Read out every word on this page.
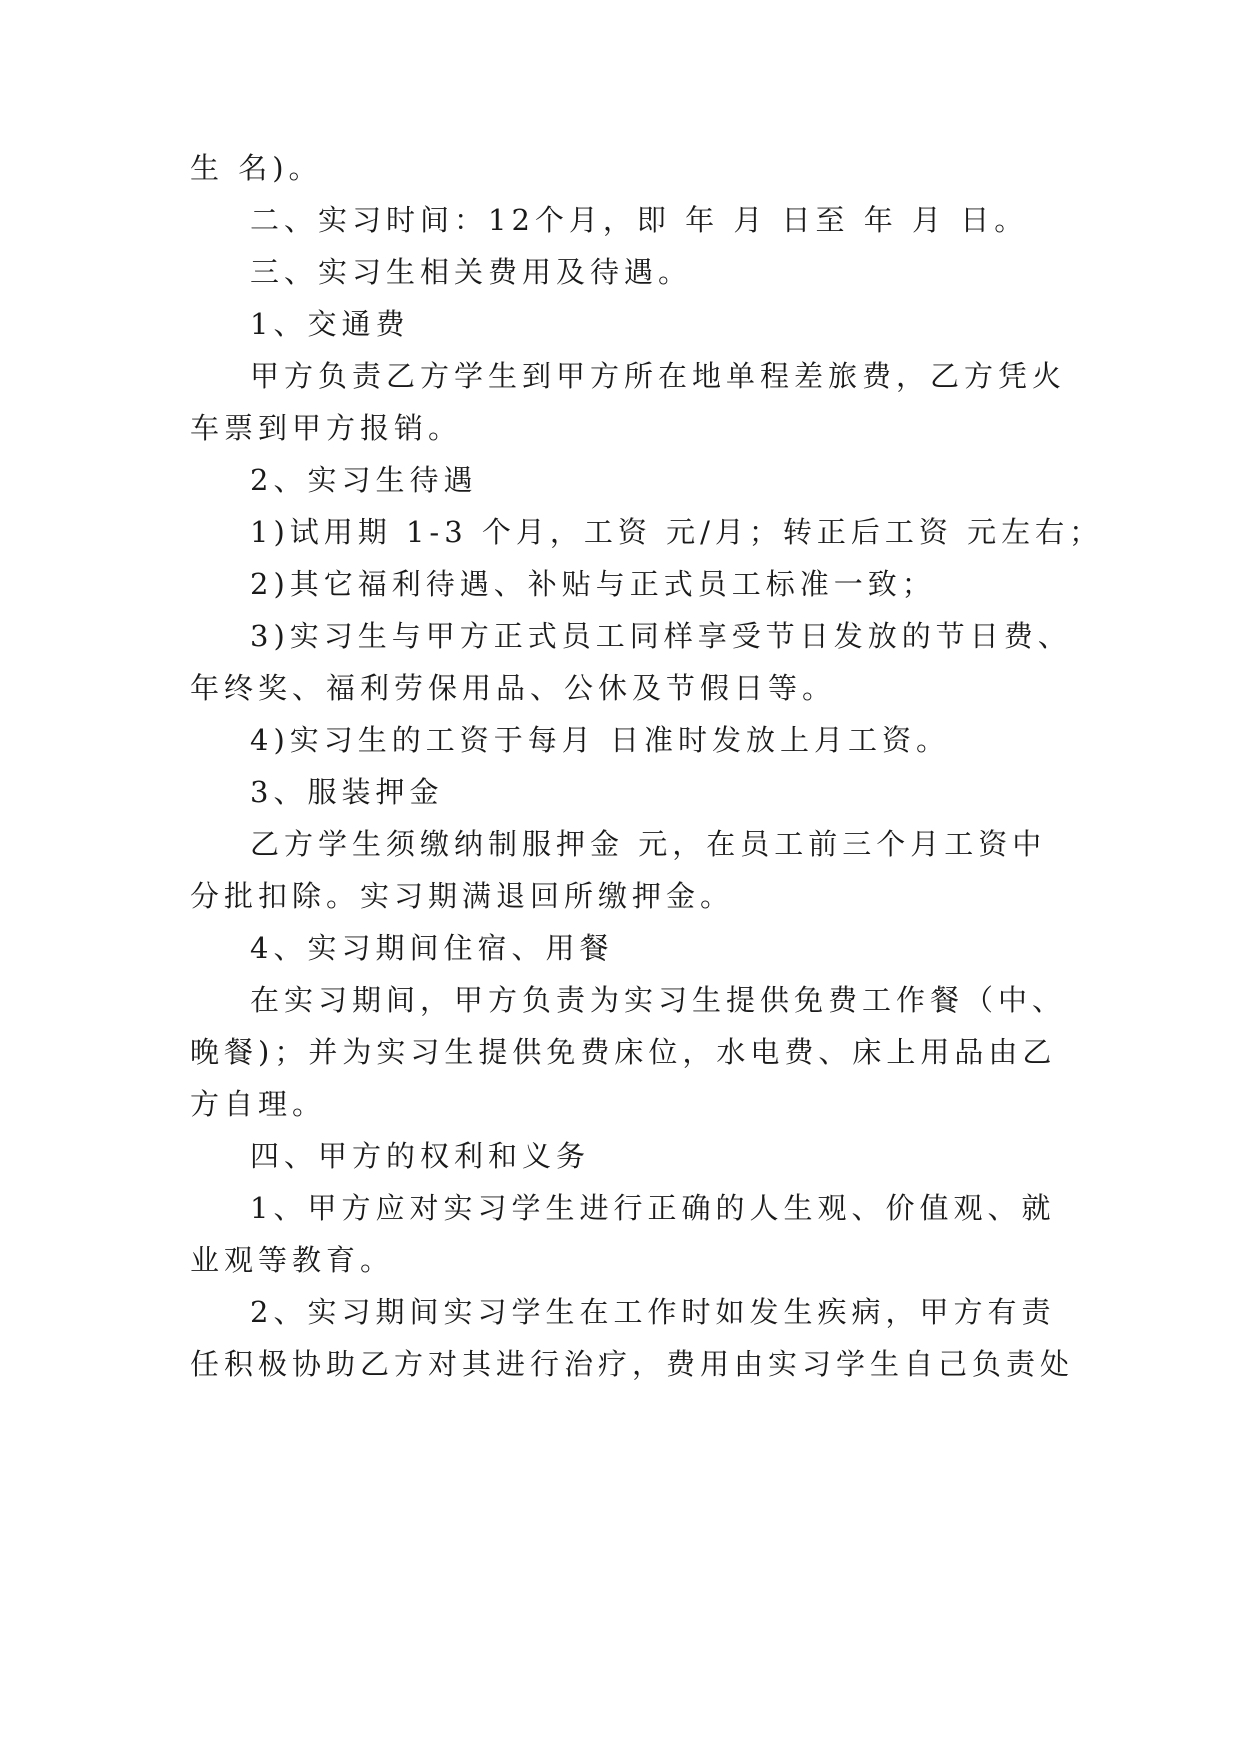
生 名)。
二、实习时间：12个月，即 年 月 日至 年 月 日。
三、实习生相关费用及待遇。
1、交通费
甲方负责乙方学生到甲方所在地单程差旅费，乙方凭火
车票到甲方报销。
2、实习生待遇
1)试用期 1-3 个月，工资 元/月；转正后工资 元左右；
2)其它福利待遇、补贴与正式员工标准一致；
3)实习生与甲方正式员工同样享受节日发放的节日费、
年终奖、福利劳保用品、公休及节假日等。
4)实习生的工资于每月 日准时发放上月工资。
3、服装押金
乙方学生须缴纳制服押金 元，在员工前三个月工资中
分批扣除。实习期满退回所缴押金。
4、实习期间住宿、用餐
在实习期间，甲方负责为实习生提供免费工作餐（中、
晚餐)；并为实习生提供免费床位，水电费、床上用品由乙
方自理。
四、甲方的权利和义务
1、甲方应对实习学生进行正确的人生观、价值观、就
业观等教育。
2、实习期间实习学生在工作时如发生疾病，甲方有责
任积极协助乙方对其进行治疗，费用由实习学生自己负责处
